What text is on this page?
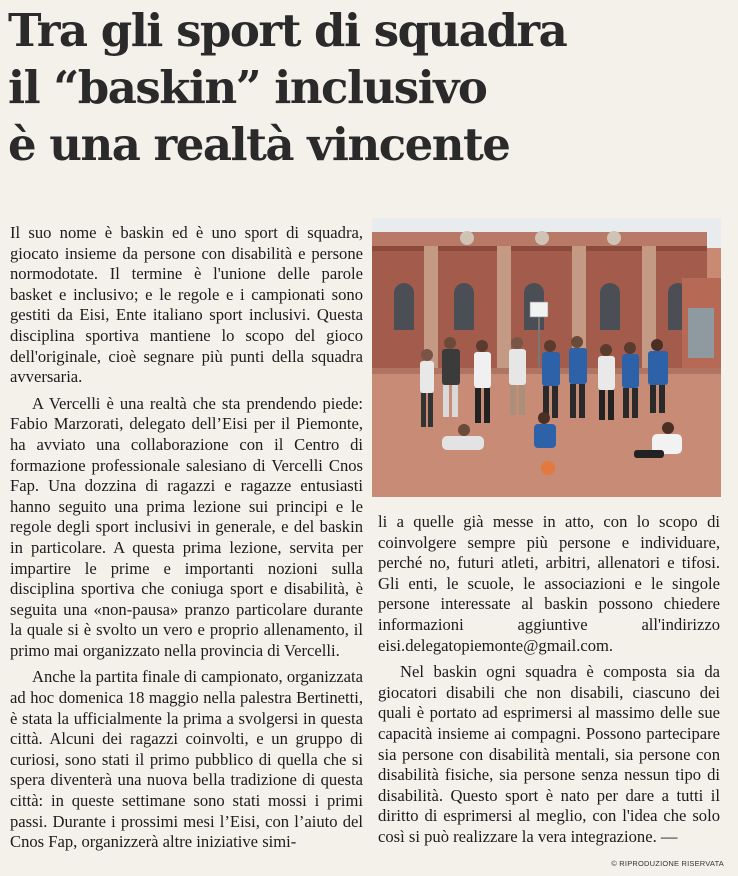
Tra gli sport di squadra
il “baskin” inclusivo
è una realtà vincente

Il suo nome è baskin ed è uno sport di squadra, giocato insieme da persone con disabilità e persone normodotate. Il termine è l'unione delle parole basket e inclusivo; e le regole e i campionati sono gestiti da Eisi, Ente italiano sport inclusivi. Questa disciplina sportiva mantiene lo scopo del gioco dell'originale, cioè segnare più punti della squadra avversaria.

A Vercelli è una realtà che sta prendendo piede: Fabio Marzorati, delegato dell’Eisi per il Piemonte, ha avviato una collaborazione con il Centro di formazione professionale salesiano di Vercelli Cnos Fap. Una dozzina di ragazzi e ragazze entusiasti hanno seguito una prima lezione sui principi e le regole degli sport inclusivi in generale, e del baskin in particolare. A questa prima lezione, servita per impartire le prime e importanti nozioni sulla disciplina sportiva che coniuga sport e disabilità, è seguita una «non-pausa» pranzo particolare durante la quale si è svolto un vero e proprio allenamento, il primo mai organizzato nella provincia di Vercelli.

Anche la partita finale di campionato, organizzata ad hoc domenica 18 maggio nella palestra Bertinetti, è stata la ufficialmente la prima a svolgersi in questa città. Alcuni dei ragazzi coinvolti, e un gruppo di curiosi, sono stati il primo pubblico di quella che si spera diventerà una nuova bella tradizione di questa città: in queste settimane sono stati mossi i primi passi. Durante i prossimi mesi l’Eisi, con l’aiuto del Cnos Fap, organizzerà altre iniziative simi-

li a quelle già messe in atto, con lo scopo di coinvolgere sempre più persone e individuare, perché no, futuri atleti, arbitri, allenatori e tifosi. Gli enti, le scuole, le associazioni e le singole persone interessate al baskin possono chiedere informazioni aggiuntive all'indirizzo eisi.delegatopiemonte@gmail.com.

Nel baskin ogni squadra è composta sia da giocatori disabili che non disabili, ciascuno dei quali è portato ad esprimersi al massimo delle sue capacità insieme ai compagni. Possono partecipare sia persone con disabilità mentali, sia persone con disabilità fisiche, sia persone senza nessun tipo di disabilità. Questo sport è nato per dare a tutti il diritto di esprimersi al meglio, con l'idea che solo così si può realizzare la vera integrazione. —

© RIPRODUZIONE RISERVATA
